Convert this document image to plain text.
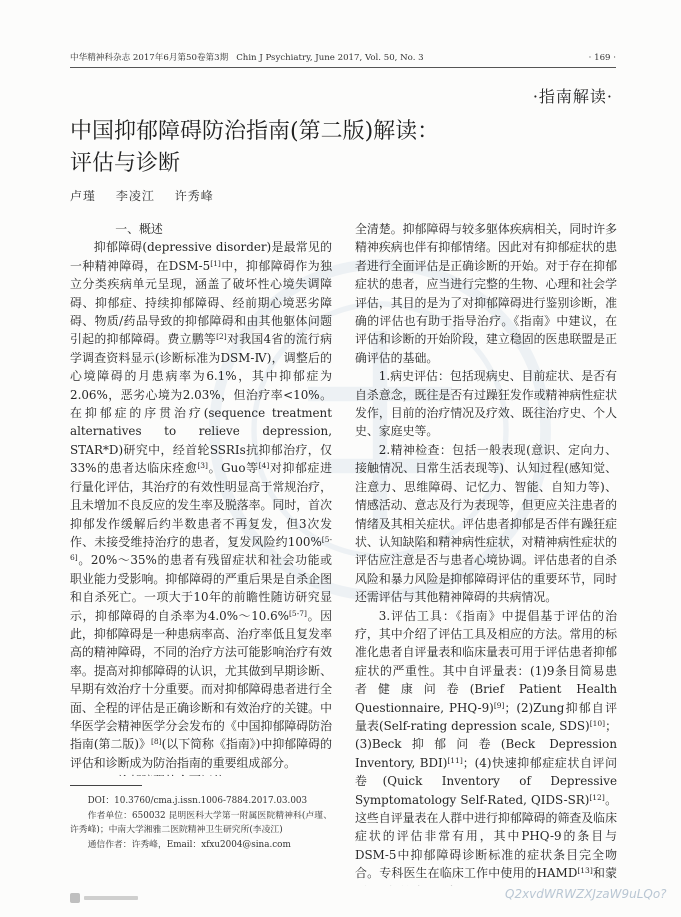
中华精神科杂志 2017年6月第50卷第3期 Chin J Psychiatry, June 2017, Vol. 50, No. 3	· 169 ·
·指南解读·
中国抑郁障碍防治指南(第二版)解读：
评估与诊断
卢瑾 李凌江 许秀峰
一、概述

抑郁障碍(depressive disorder)是最常见的一种精神障碍，在DSM-5[1]中，抑郁障碍作为独立分类疾病单元呈现，涵盖了破坏性心境失调障碍、抑郁症、持续抑郁障碍、经前期心境恶劣障碍、物质/药品导致的抑郁障碍和由其他躯体问题引起的抑郁障碍。费立鹏等[2]对我国4省的流行病学调查资料显示(诊断标准为DSM-Ⅳ)，调整后的心境障碍的月患病率为6.1%，其中抑郁症为2.06%，恶劣心境为2.03%，但治疗率<10%。在抑郁症的序贯治疗(sequence treatment alternatives to relieve depression, STAR*D)研究中，经首轮SSRIs抗抑郁治疗，仅33%的患者达临床痊愈[3]。Guo等[4]对抑郁症进行量化评估，其治疗的有效性明显高于常规治疗，且未增加不良反应的发生率及脱落率。同时，首次抑郁发作缓解后约半数患者不再复发，但3次发作、未接受维持治疗的患者，复发风险约100%[5-6]。20%～35%的患者有残留症状和社会功能或职业能力受影响。抑郁障碍的严重后果是自杀企图和自杀死亡。一项大于10年的前瞻性随访研究显示，抑郁障碍的自杀率为4.0%～10.6%[5-7]。因此，抑郁障碍是一种患病率高、治疗率低且复发率高的精神障碍，不同的治疗方法可能影响治疗有效率。提高对抑郁障碍的认识，尤其做到早期诊断、早期有效治疗十分重要。而对抑郁障碍患者进行全面、全程的评估是正确诊断和有效治疗的关键。中华医学会精神医学分会发布的《中国抑郁障碍防治指南(第二版)》[8](以下简称《指南》)中抑郁障碍的评估和诊断成为防治指南的重要组成部分。

全清楚。抑郁障碍与较多躯体疾病相关，同时许多精神疾病也伴有抑郁情绪。因此对有抑郁症状的患者进行全面评估是正确诊断的开始。对于存在抑郁症状的患者，应当进行完整的生物、心理和社会学评估，其目的是为了对抑郁障碍进行鉴别诊断，准确的评估也有助于指导治疗。《指南》中建议，在评估和诊断的开始阶段，建立稳固的医患联盟是正确评估的基础。

1.病史评估：包括现病史、目前症状、是否有自杀意念，既往是否有过躁狂发作或精神病性症状发作，目前的治疗情况及疗效、既往治疗史、个人史、家庭史等。

2.精神检查：包括一般表现(意识、定向力、接触情况、日常生活表现等)、认知过程(感知觉、注意力、思维障碍、记忆力、智能、自知力等)、情感活动、意志及行为表现等，但更应关注患者的情绪及其相关症状。评估患者抑郁是否伴有躁狂症状、认知缺陷和精神病性症状，对精神病性症状的评估应注意是否与患者心境协调。评估患者的自杀风险和暴力风险是抑郁障碍评估的重要环节，同时还需评估与其他精神障碍的共病情况。

3.评估工具：《指南》中提倡基于评估的治疗，其中介绍了评估工具及相应的方法。常用的标准化患者自评量表和临床量表可用于评估患者抑郁症状的严重性。其中自评量表：(1)9条目简易患者健康问卷(Brief Patient Health Questionnaire, PHQ-9)[9]；(2)Zung抑郁自评量表(Self-rating depression scale, SDS)[10]；(3)Beck抑郁问卷(Beck Depression Inventory, BDI)[11]；(4)快速抑郁症症状自评问卷(Quick Inventory of Depressive Symptomatology Self-Rated, QIDS-SR)[12]。这些自评量表在人群中进行抑郁障碍的筛查及临床症状的评估非常有用，其中PHQ-9的条目与DSM-5中抑郁障碍诊断标准的症状条目完全吻合。专科医生在临床工作中使用的HAMD[13]和蒙

DOI：10.3760/cma.j.issn.1006-7884.2017.03.003

作者单位：650032 昆明医科大学第一附属医院精神科(卢瑾、许秀峰)；中南大学湘雅二医院精神卫生研究所(李凌江)

通信作者：许秀峰，Email：xfxu2004@sina.com

Q2xvdWRWZXJzaW9uLQo?
